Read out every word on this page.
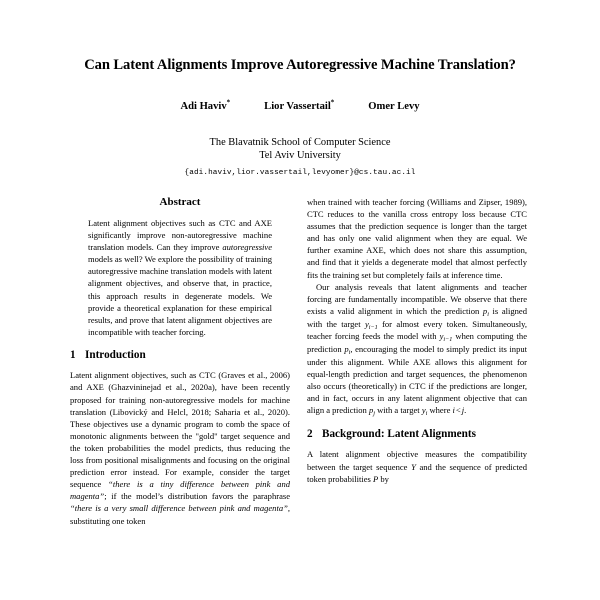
Can Latent Alignments Improve Autoregressive Machine Translation?
Adi Haviv*	Lior Vassertail*	Omer Levy
The Blavatnik School of Computer Science
Tel Aviv University
{adi.haviv,lior.vassertail,levyomer}@cs.tau.ac.il
Abstract

Latent alignment objectives such as CTC and AXE significantly improve non-autoregressive machine translation models. Can they improve autoregressive models as well? We explore the possibility of training autoregressive machine translation models with latent alignment objectives, and observe that, in practice, this approach results in degenerate models. We provide a theoretical explanation for these empirical results, and prove that latent alignment objectives are incompatible with teacher forcing.

1 Introduction

Latent alignment objectives, such as CTC (Graves et al., 2006) and AXE (Ghazvininejad et al., 2020a), have been recently proposed for training non-autoregressive models for machine translation (Libovický and Helcl, 2018; Saharia et al., 2020). These objectives use a dynamic program to comb the space of monotonic alignments between the "gold" target sequence and the token probabilities the model predicts, thus reducing the loss from positional misalignments and focusing on the original prediction error instead. For example, consider the target sequence “there is a tiny difference between pink and magenta”; if the model’s distribution favors the paraphrase “there is a very small difference between pink and magenta”, substituting one token

when trained with teacher forcing (Williams and Zipser, 1989), CTC reduces to the vanilla cross entropy loss because CTC assumes that the prediction sequence is longer than the target and has only one valid alignment when they are equal. We further examine AXE, which does not share this assumption, and find that it yields a degenerate model that almost perfectly fits the training set but completely fails at inference time.

Our analysis reveals that latent alignments and teacher forcing are fundamentally incompatible. We observe that there exists a valid alignment in which the prediction $p_i$ is aligned with the target $y_{i-1}$ for almost every token. Simultaneously, teacher forcing feeds the model with $y_{i-1}$ when computing the prediction $p_i$, encouraging the model to simply predict its input under this alignment. While AXE allows this alignment for equal-length prediction and target sequences, the phenomenon also occurs (theoretically) in CTC if the predictions are longer, and in fact, occurs in any latent alignment objective that can align a prediction $p_j$ with a target $y_i$ where i<j.

2 Background: Latent Alignments

A latent alignment objective measures the compatibility between the target sequence Y and the sequence of predicted token probabilities P by
